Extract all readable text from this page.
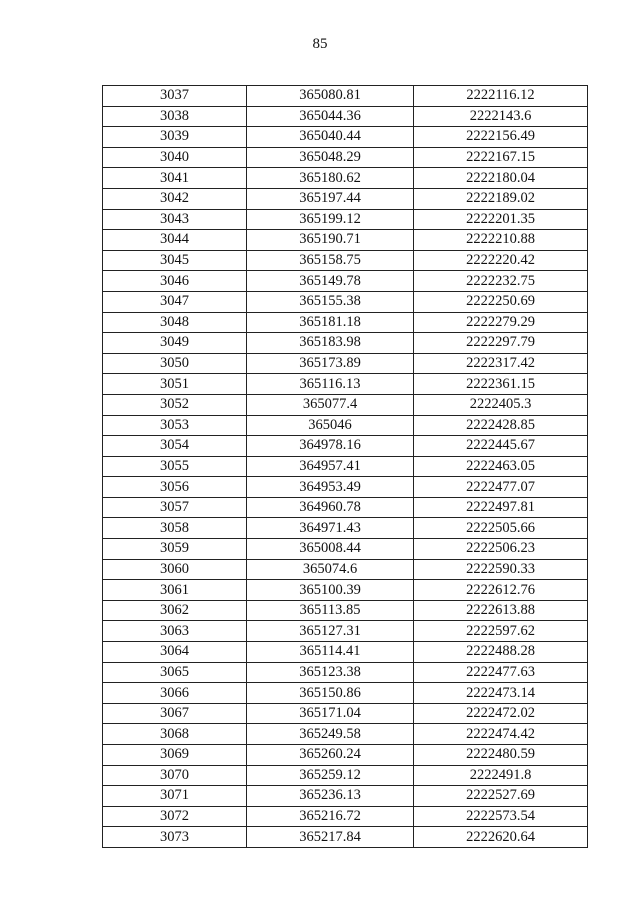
85
3037	365080.81	2222116.12
3038	365044.36	2222143.6
3039	365040.44	2222156.49
3040	365048.29	2222167.15
3041	365180.62	2222180.04
3042	365197.44	2222189.02
3043	365199.12	2222201.35
3044	365190.71	2222210.88
3045	365158.75	2222220.42
3046	365149.78	2222232.75
3047	365155.38	2222250.69
3048	365181.18	2222279.29
3049	365183.98	2222297.79
3050	365173.89	2222317.42
3051	365116.13	2222361.15
3052	365077.4	2222405.3
3053	365046	2222428.85
3054	364978.16	2222445.67
3055	364957.41	2222463.05
3056	364953.49	2222477.07
3057	364960.78	2222497.81
3058	364971.43	2222505.66
3059	365008.44	2222506.23
3060	365074.6	2222590.33
3061	365100.39	2222612.76
3062	365113.85	2222613.88
3063	365127.31	2222597.62
3064	365114.41	2222488.28
3065	365123.38	2222477.63
3066	365150.86	2222473.14
3067	365171.04	2222472.02
3068	365249.58	2222474.42
3069	365260.24	2222480.59
3070	365259.12	2222491.8
3071	365236.13	2222527.69
3072	365216.72	2222573.54
3073	365217.84	2222620.64
